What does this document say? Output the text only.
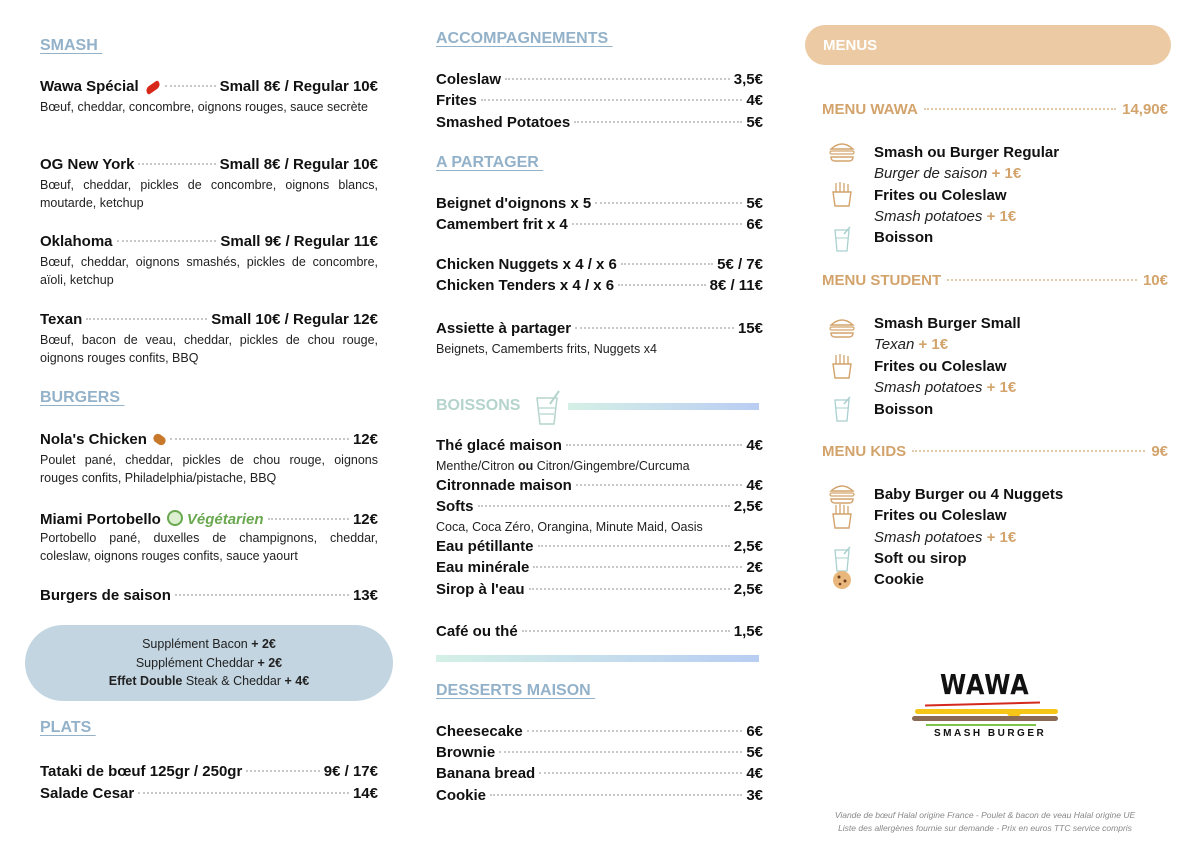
MENUS
Supplément Bacon + 2€
Supplément Cheddar + 2€
Effet Double Steak & Cheddar + 4€	WAWA
SMASH BURGER
Viande de bœuf Halal origine France - Poulet & bacon de veau Halal origine UE
Liste des allergènes fournie sur demande - Prix en euros TTC service compris
SMASH
Wawa Spécial	Small 8€ / Regular 10€
Bœuf, cheddar, concombre, oignons rouges, sauce secrète
OG New York	Small 8€ / Regular 10€
Bœuf, cheddar, pickles de concombre, oignons blancs, moutarde, ketchup
Oklahoma	Small 9€ / Regular 11€
Bœuf, cheddar, oignons smashés, pickles de concombre, aïoli, ketchup
Texan	Small 10€ / Regular 12€
Bœuf, bacon de veau, cheddar, pickles de chou rouge, oignons rouges confits, BBQ
BURGERS
Nola's Chicken	12€
Poulet pané, cheddar, pickles de chou rouge, oignons rouges confits, Philadelphia/pistache, BBQ
Miami Portobello Végétarien	12€
Portobello pané, duxelles de champignons, cheddar, coleslaw, oignons rouges confits, sauce yaourt
Burgers de saison	13€
PLATS
Tataki de bœuf 125gr / 250gr	9€ / 17€
Salade Cesar	14€
ACCOMPAGNEMENTS
Coleslaw	3,5€
Frites	4€
Smashed Potatoes	5€
A PARTAGER
Beignet d'oignons x 5	5€
Camembert frit x 4	6€
Chicken Nuggets x 4 / x 6	5€ / 7€
Chicken Tenders x 4 / x 6	8€ / 11€
Assiette à partager	15€
Beignets, Camemberts frits, Nuggets x4
BOISSONS
Thé glacé maison	4€
Menthe/Citron ou Citron/Gingembre/Curcuma
Citronnade maison	4€
Softs	2,5€
Coca, Coca Zéro, Orangina, Minute Maid, Oasis
Eau pétillante	2,5€
Eau minérale	2€
Sirop à l'eau	2,5€
Café ou thé	1,5€
DESSERTS MAISON
Cheesecake	6€
Brownie	5€
Banana bread	4€
Cookie	3€
MENU WAWA	14,90€
Smash ou Burger Regular
Burger de saison + 1€
Frites ou Coleslaw
Smash potatoes + 1€
Boisson
MENU STUDENT	10€
Smash Burger Small
Texan + 1€
Frites ou Coleslaw
Smash potatoes + 1€
Boisson
MENU KIDS	9€
Baby Burger ou 4 Nuggets
Frites ou Coleslaw
Smash potatoes + 1€
Soft ou sirop
Cookie
